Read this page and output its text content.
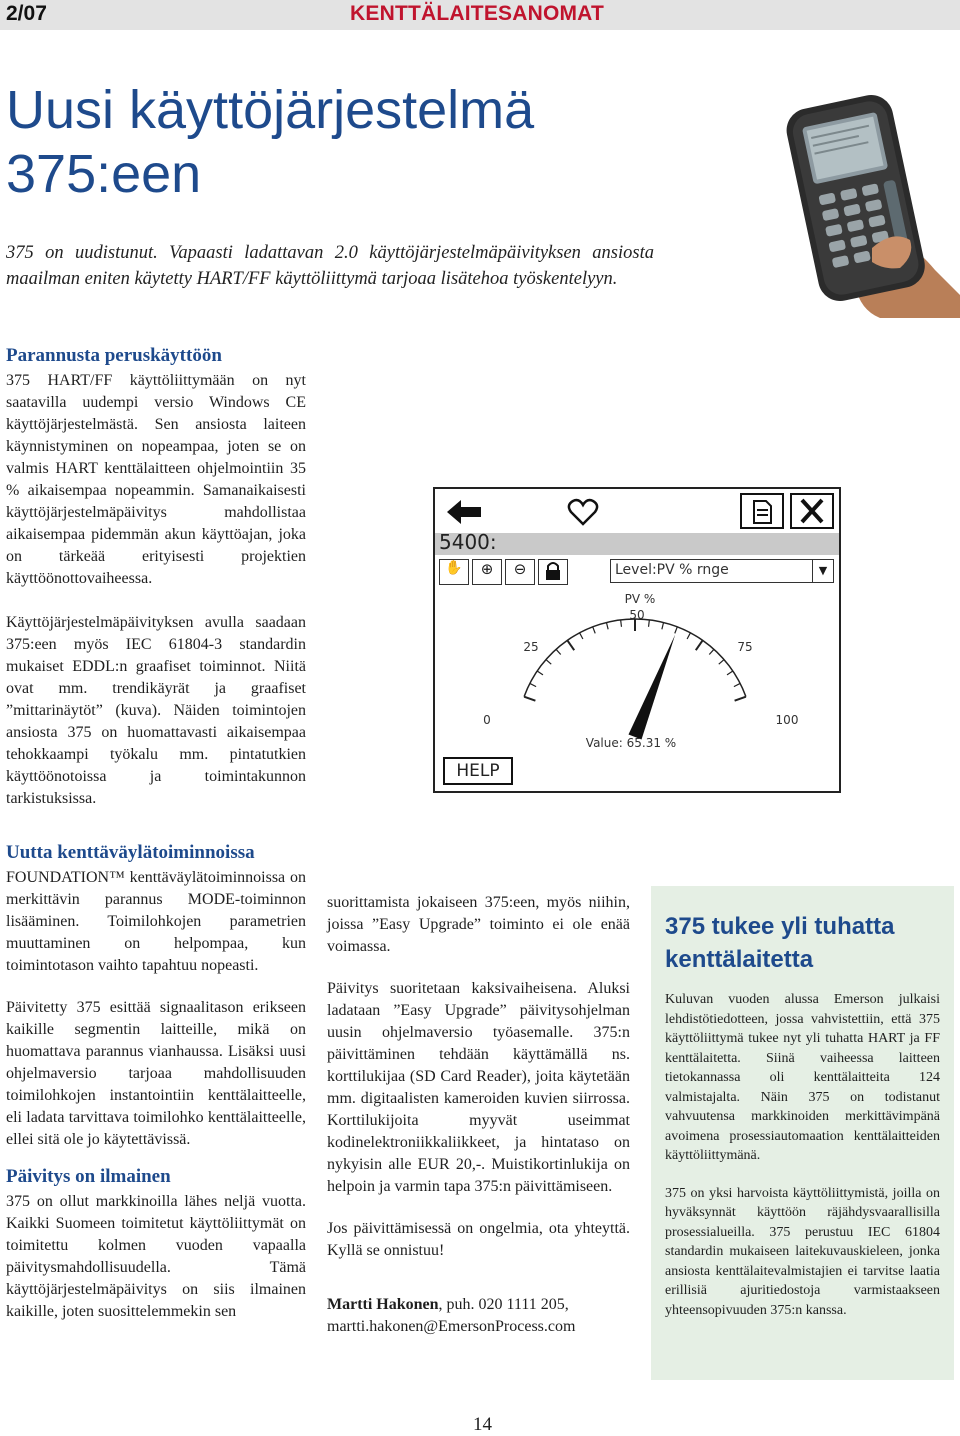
2/07	KENTTÄLAITESANOMAT
Uusi käyttöjärjestelmä
375:een
375 on uudistunut. Vapaasti ladattavan 2.0 käyttöjärjestelmäpäivityksen ansiosta maailman eniten käytetty HART/FF käyttöliittymä tarjoaa lisätehoa työskentelyyn.
Parannusta peruskäyttöön

375 HART/FF käyttöliittymään on nyt saatavilla uudempi versio Windows CE käyttöjärjestelmästä. Sen ansiosta laiteen käynnistyminen on nopeampaa, joten se on valmis HART kenttälaitteen ohjelmointiin 35 % aikaisempaa nopeammin. Samanaikaisesti käyttöjärjestelmäpäivitys mahdollistaa aikaisempaa pidemmän akun käyttöajan, joka on tärkeää erityisesti projektien käyttöönottovaiheessa.

Käyttöjärjestelmäpäivityksen avulla saadaan 375:een myös IEC 61804-3 standardin mukaiset EDDL:n graafiset toiminnot. Niitä ovat mm. trendikäyrät ja graafiset ”mittarinäytöt” (kuva). Näiden toimintojen ansiosta 375 on huomattavasti aikaisempaa tehokkaampi työkalu mm. pintatutkien käyttöönotoissa ja toimintakunnon tarkistuksissa.

5400:
✋	⊕	⊖	Level:PV % rnge	▼
PV %
0
25
50
75
100
Value: 65.31 %
HELP
Uutta kenttäväylätoiminnoissa

FOUNDATION™ kenttäväylätoiminnoissa on merkittävin parannus MODE-toiminnon lisääminen. Toimilohkojen parametrien muuttaminen on helpompaa, kun toimintotason vaihto tapahtuu nopeasti.

Päivitetty 375 esittää signaalitason erikseen kaikille segmentin laitteille, mikä on huomattava parannus vianhaussa. Lisäksi uusi ohjelmaversio tarjoaa mahdollisuuden toimilohkojen instantointiin kenttälaitteelle, eli ladata tarvittava toimilohko kenttälaitteelle, ellei sitä ole jo käytettävissä.

Päivitys on ilmainen

375 on ollut markkinoilla lähes neljä vuotta. Kaikki Suomeen toimitetut käyttöliittymät on toimitettu kolmen vuoden vapaalla päivitysmahdollisuudella. Tämä käyttöjärjestelmäpäivitys on siis ilmainen kaikille, joten suosittelemmekin sen

suorittamista jokaiseen 375:een, myös niihin, joissa ”Easy Upgrade” toiminto ei ole enää voimassa.

Päivitys suoritetaan kaksivaiheisena. Aluksi ladataan ”Easy Upgrade” päivitysohjelman uusin ohjelmaversio työasemalle. 375:n päivittäminen tehdään käyttämällä ns. korttilukijaa (SD Card Reader), joita käytetään mm. digitaalisten kameroiden kuvien siirrossa. Korttilukijoita myyvät useimmat kodinelektroniikkaliikkeet, ja hintataso on nykyisin alle EUR 20,-. Muistikortinlukija on helpoin ja varmin tapa 375:n päivittämiseen.

Jos päivittämisessä on ongelmia, ota yhteyttä. Kyllä se onnistuu!

Martti Hakonen, puh. 020 1111 205,
martti.hakonen@EmersonProcess.com

375 tukee yli tuhatta kenttälaitetta

Kuluvan vuoden alussa Emerson julkaisi lehdistötiedotteen, jossa vahvistettiin, että 375 käyttöliittymä tukee nyt yli tuhatta HART ja FF kenttälaitetta. Siinä vaiheessa laitteen tietokannassa oli kenttälaitteita 124 valmistajalta. Näin 375 on todistanut vahvuutensa markkinoiden merkittävimpänä avoimena prosessiautomaation kenttälaitteiden käyttöliittymänä.

375 on yksi harvoista käyttöliittymistä, joilla on hyväksynnät käyttöön räjähdysvaarallisilla prosessialueilla. 375 perustuu IEC 61804 standardin mukaiseen laitekuvauskieleen, jonka ansiosta kenttälaitevalmistajien ei tarvitse laatia erillisiä ajuritiedostoja varmistaakseen yhteensopivuuden 375:n kanssa.

14
